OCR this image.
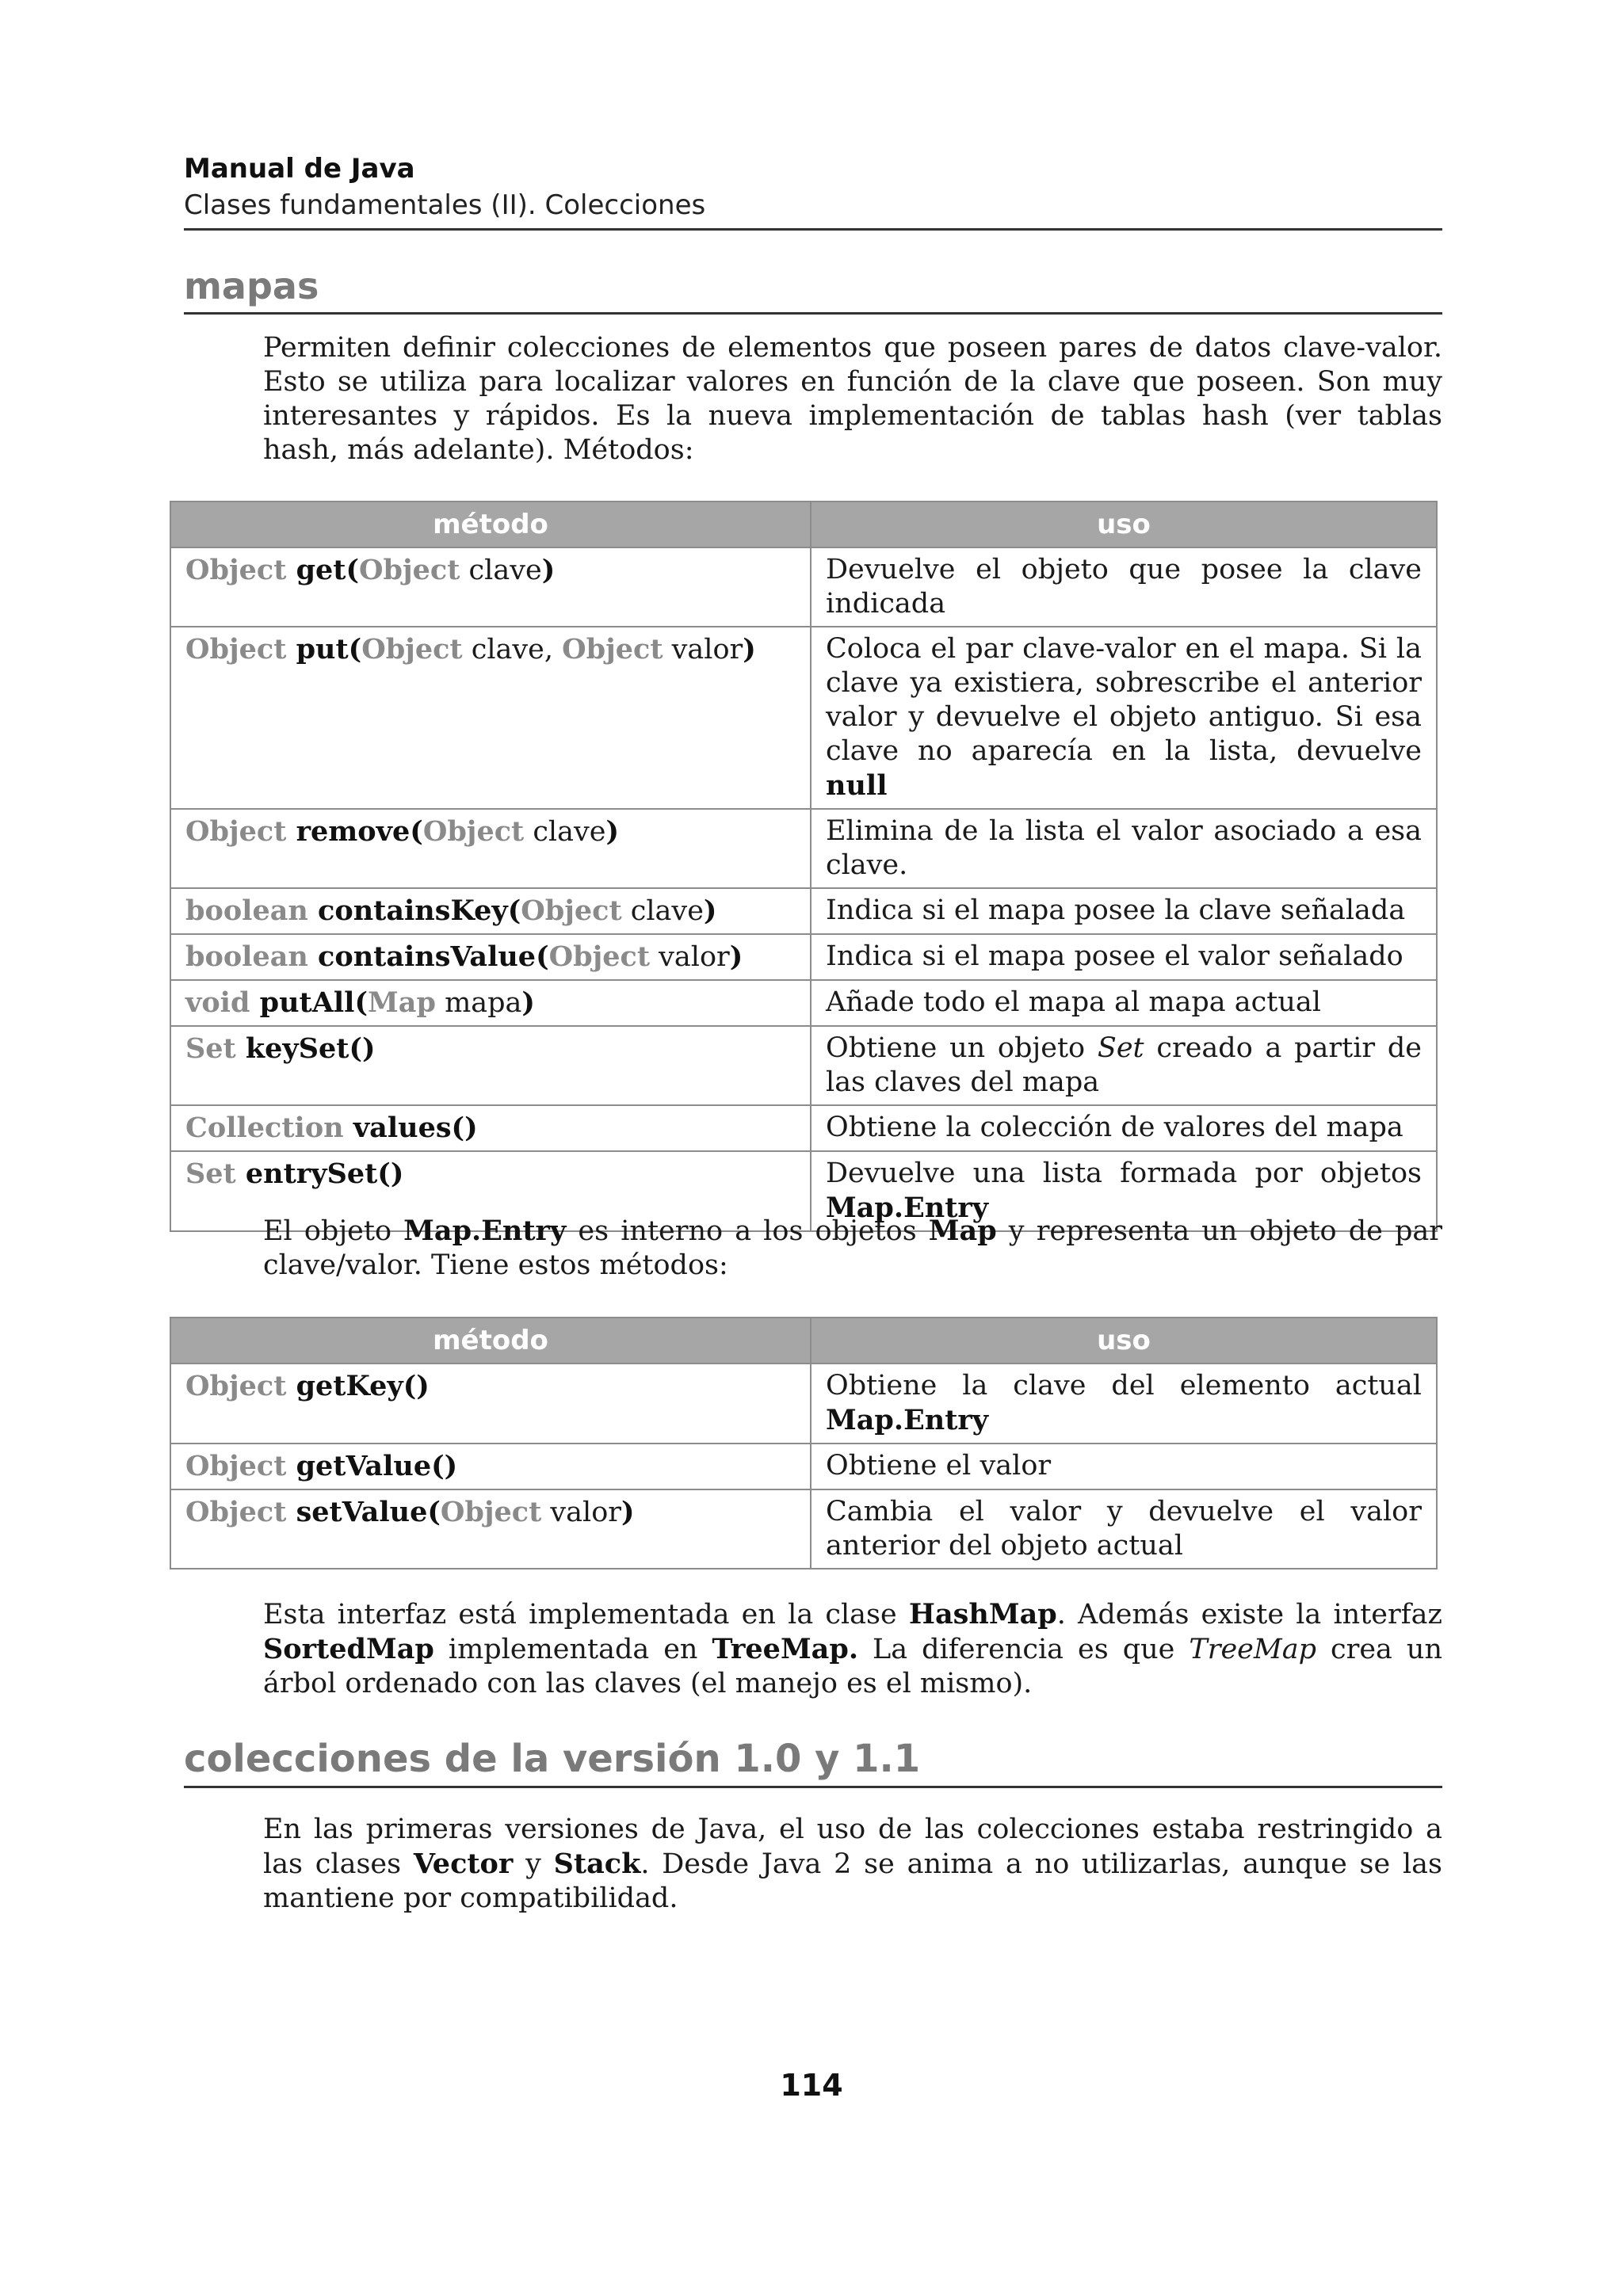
Manual de Java
Clases fundamentales (II). Colecciones
mapas

Permiten definir colecciones de elementos que poseen pares de datos clave-valor. Esto se utiliza para localizar valores en función de la clave que poseen. Son muy interesantes y rápidos. Es la nueva implementación de tablas hash (ver tablas hash, más adelante). Métodos:

método	uso
Object get(Object clave)	Devuelve el objeto que posee la clave indicada
Object put(Object clave, Object valor)	Coloca el par clave-valor en el mapa. Si la clave ya existiera, sobrescribe el anterior valor y devuelve el objeto antiguo. Si esa clave no aparecía en la lista, devuelve null
Object remove(Object clave)	Elimina de la lista el valor asociado a esa clave.
boolean containsKey(Object clave)	Indica si el mapa posee la clave señalada
boolean containsValue(Object valor)	Indica si el mapa posee el valor señalado
void putAll(Map mapa)	Añade todo el mapa al mapa actual
Set keySet()	Obtiene un objeto Set creado a partir de las claves del mapa
Collection values()	Obtiene la colección de valores del mapa
Set entrySet()	Devuelve una lista formada por objetos Map.Entry

El objeto Map.Entry es interno a los objetos Map y representa un objeto de par clave/valor. Tiene estos métodos:

método	uso
Object getKey()	Obtiene la clave del elemento actual Map.Entry
Object getValue()	Obtiene el valor
Object setValue(Object valor)	Cambia el valor y devuelve el valor anterior del objeto actual

Esta interfaz está implementada en la clase HashMap. Además existe la interfaz SortedMap implementada en TreeMap. La diferencia es que TreeMap crea un árbol ordenado con las claves (el manejo es el mismo).

colecciones de la versión 1.0 y 1.1

En las primeras versiones de Java, el uso de las colecciones estaba restringido a las clases Vector y Stack. Desde Java 2 se anima a no utilizarlas, aunque se las mantiene por compatibilidad.

114
